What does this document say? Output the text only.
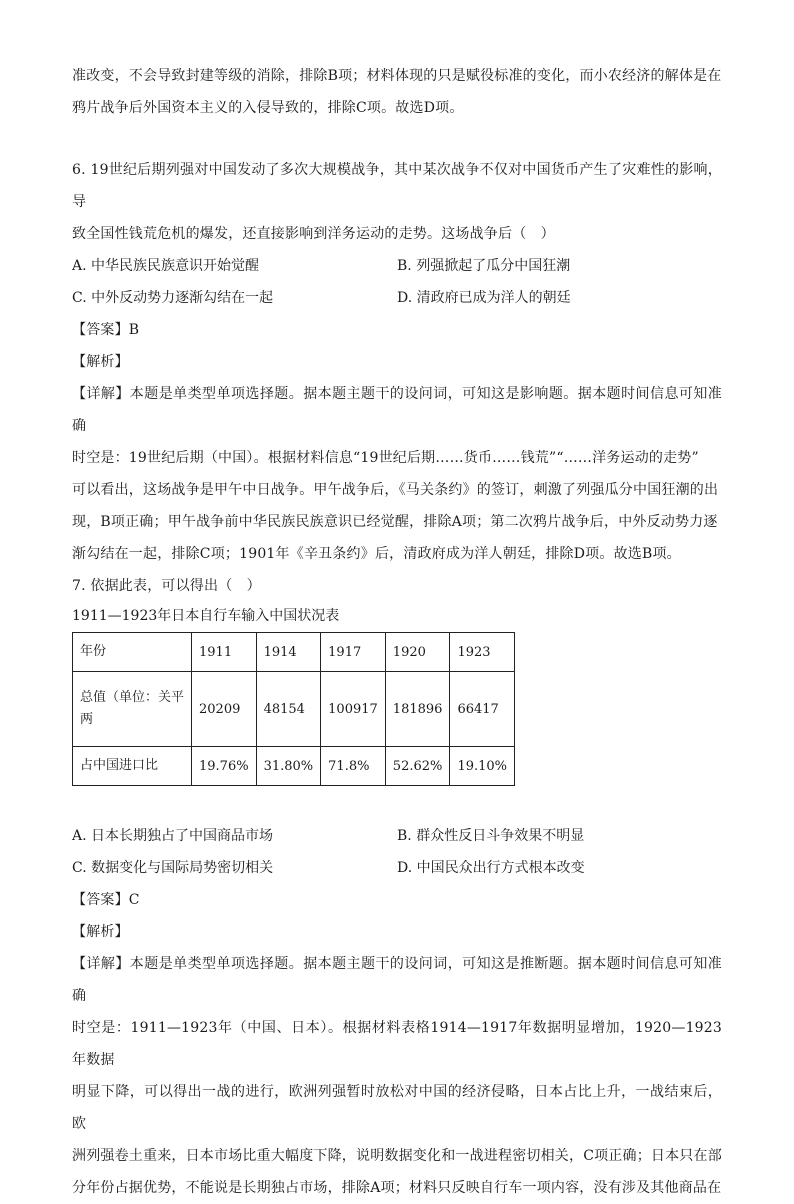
准改变，不会导致封建等级的消除，排除B项；材料体现的只是赋役标准的变化，而小农经济的解体是在

鸦片战争后外国资本主义的入侵导致的，排除C项。故选D项。

6. 19世纪后期列强对中国发动了多次大规模战争，其中某次战争不仅对中国货币产生了灾难性的影响，导

致全国性钱荒危机的爆发，还直接影响到洋务运动的走势。这场战争后（　）

A. 中华民族民族意识开始觉醒	B. 列强掀起了瓜分中国狂潮
C. 中外反动势力逐渐勾结在一起	D. 清政府已成为洋人的朝廷

【答案】B

【解析】

【详解】本题是单类型单项选择题。据本题主题干的设问词，可知这是影响题。据本题时间信息可知准确

时空是：19世纪后期（中国）。根据材料信息“19世纪后期……货币……钱荒”“……洋务运动的走势”

可以看出，这场战争是甲午中日战争。甲午战争后，《马关条约》的签订，刺激了列强瓜分中国狂潮的出

现，B项正确；甲午战争前中华民族民族意识已经觉醒，排除A项；第二次鸦片战争后，中外反动势力逐

渐勾结在一起，排除C项；1901年《辛丑条约》后，清政府成为洋人朝廷，排除D项。故选B项。

7. 依据此表，可以得出（　）

1911—1923年日本自行车输入中国状况表
年份	1911	1914	1917	1920	1923
总值（单位：关平两	20209	48154	100917	181896	66417
占中国进口比	19.76%	31.80%	71.8%	52.62%	19.10%
A. 日本长期独占了中国商品市场	B. 群众性反日斗争效果不明显
C. 数据变化与国际局势密切相关	D. 中国民众出行方式根本改变

【答案】C

【解析】

【详解】本题是单类型单项选择题。据本题主题干的设问词，可知这是推断题。据本题时间信息可知准确

时空是：1911—1923年（中国、日本）。根据材料表格1914—1917年数据明显增加，1920—1923年数据

明显下降，可以得出一战的进行，欧洲列强暂时放松对中国的经济侵略，日本占比上升，一战结束后，欧

洲列强卷土重来，日本市场比重大幅度下降，说明数据变化和一战进程密切相关，C项正确；日本只在部

分年份占据优势，不能说是长期独占市场，排除A项；材料只反映自行车一项内容，没有涉及其他商品在
